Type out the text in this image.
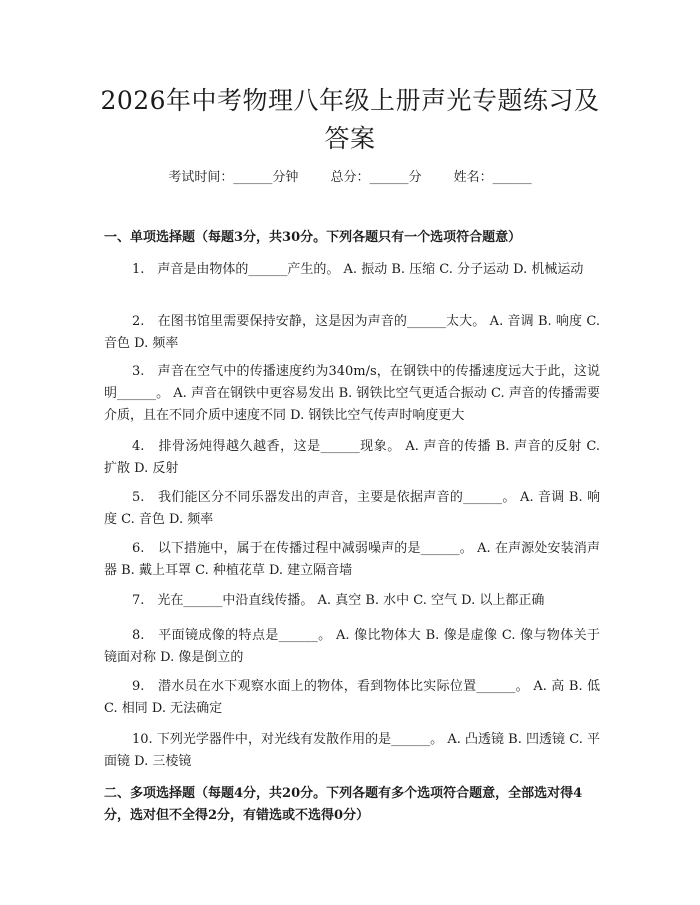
2026年中考物理八年级上册声光专题练习及答案
考试时间：______分钟 总分：______分 姓名：______

一、单项选择题（每题3分，共30分。下列各题只有一个选项符合题意）

1.　声音是由物体的______产生的。 A. 振动 B. 压缩 C. 分子运动 D. 机械运动

2.　在图书馆里需要保持安静，这是因为声音的______太大。 A. 音调 B. 响度 C. 音色 D. 频率

3.　声音在空气中的传播速度约为340m/s，在钢铁中的传播速度远大于此，这说明______。 A. 声音在钢铁中更容易发出 B. 钢铁比空气更适合振动 C. 声音的传播需要介质，且在不同介质中速度不同 D. 钢铁比空气传声时响度更大

4.　排骨汤炖得越久越香，这是______现象。 A. 声音的传播 B. 声音的反射 C. 扩散 D. 反射

5.　我们能区分不同乐器发出的声音，主要是依据声音的______。 A. 音调 B. 响度 C. 音色 D. 频率

6.　以下措施中，属于在传播过程中减弱噪声的是______。 A. 在声源处安装消声器 B. 戴上耳罩 C. 种植花草 D. 建立隔音墙

7.　光在______中沿直线传播。 A. 真空 B. 水中 C. 空气 D. 以上都正确

8.　平面镜成像的特点是______。 A. 像比物体大 B. 像是虚像 C. 像与物体关于镜面对称 D. 像是倒立的

9.　潜水员在水下观察水面上的物体，看到物体比实际位置______。 A. 高 B. 低 C. 相同 D. 无法确定

10. 下列光学器件中，对光线有发散作用的是______。 A. 凸透镜 B. 凹透镜 C. 平面镜 D. 三棱镜

二、多项选择题（每题4分，共20分。下列各题有多个选项符合题意，全部选对得4分，选对但不全得2分，有错选或不选得0分）
